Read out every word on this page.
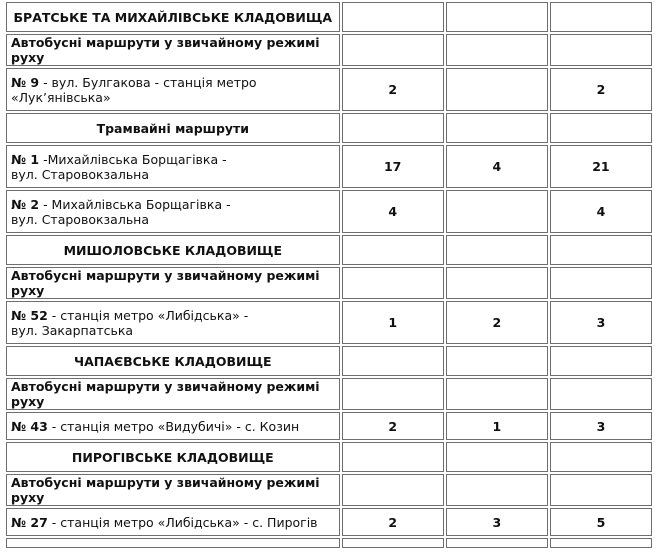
БРАТСЬКЕ ТА МИХАЙЛІВСЬКЕ КЛАДОВИЩА			
Автобусні маршрути у звичайному режимі руху			
№ 9 - вул. Булгакова - станція метро
«Лук’янівська»	2		2
Трамвайні маршрути			
№ 1 -Михайлівська Борщагівка -
вул. Старовокзальна	17	4	21
№ 2 - Михайлівська Борщагівка -
вул. Старовокзальна	4		4
МИШОЛОВСЬКЕ КЛАДОВИЩЕ			
Автобусні маршрути у звичайному режимі руху			
№ 52 - станція метро «Либідська» -
вул. Закарпатська	1	2	3
ЧАПАЄВСЬКЕ КЛАДОВИЩЕ			
Автобусні маршрути у звичайному режимі руху			
№ 43 - станція метро «Видубичі» - с. Козин	2	1	3
ПИРОГІВСЬКЕ КЛАДОВИЩЕ			
Автобусні маршрути у звичайному режимі руху			
№ 27 - станція метро «Либідська» - с. Пирогів	2	3	5
